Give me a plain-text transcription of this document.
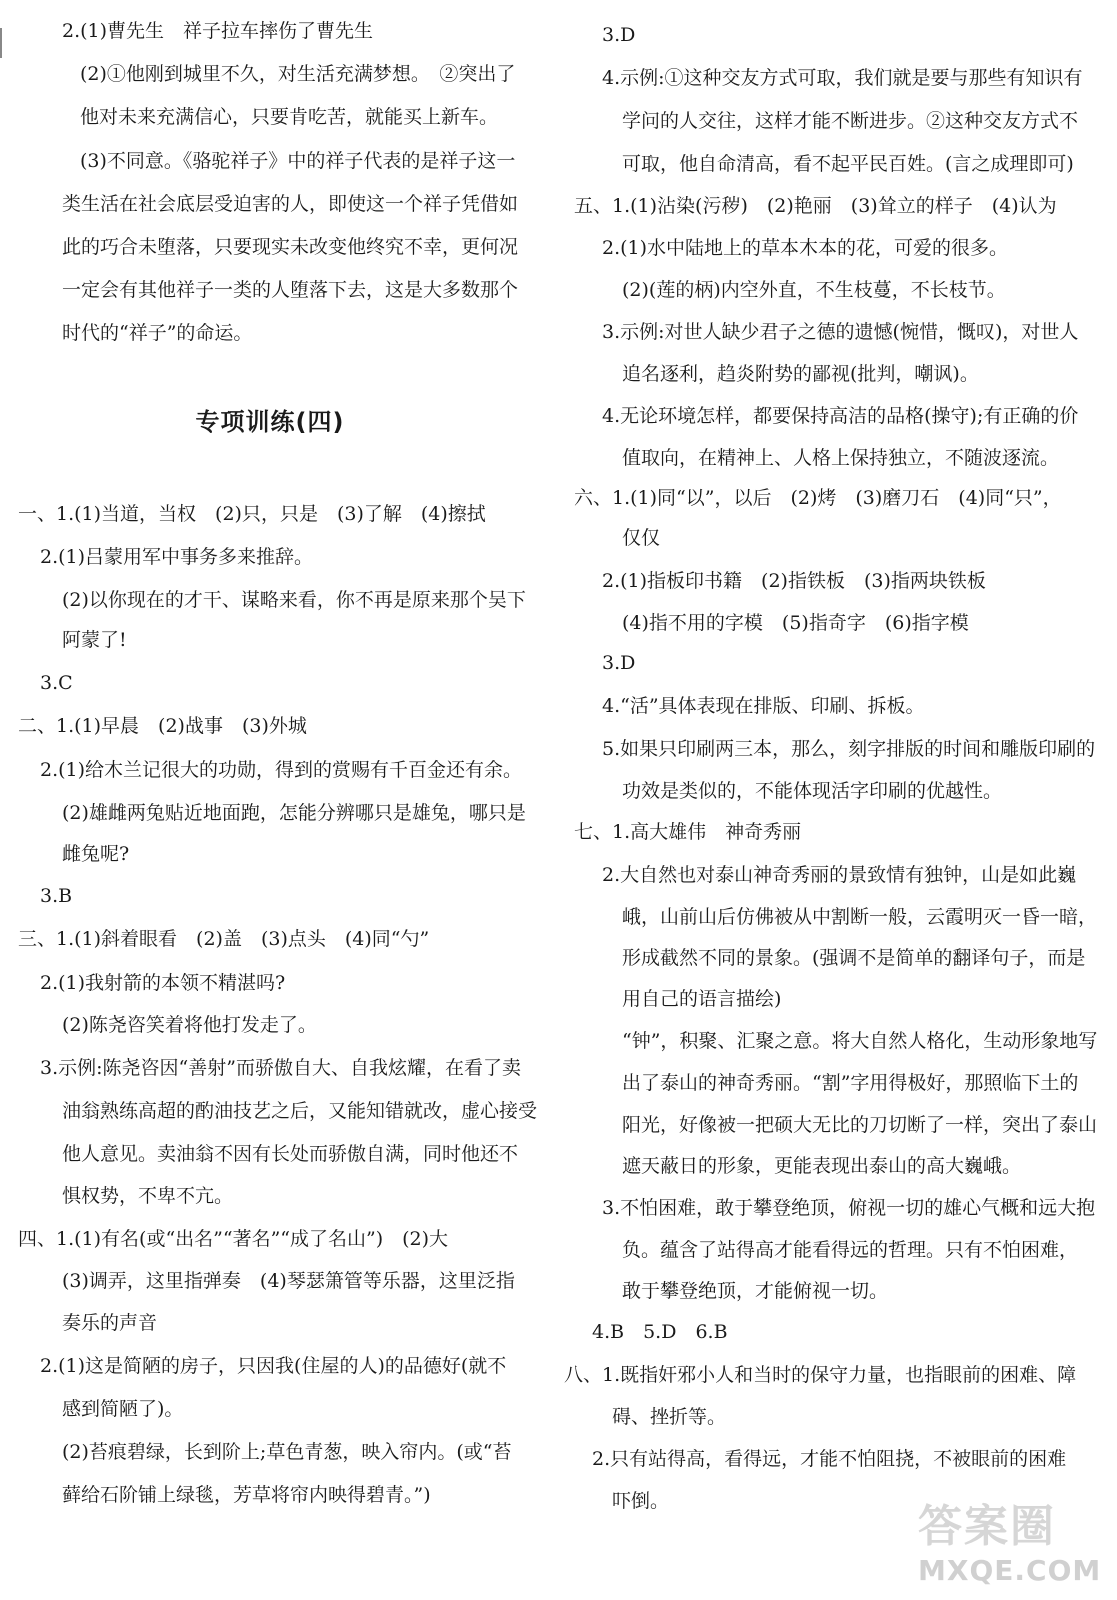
2.(1)曹先生　祥子拉车摔伤了曹先生
(2)①他刚到城里不久，对生活充满梦想。　②突出了
他对未来充满信心，只要肯吃苦，就能买上新车。
(3)不同意。《骆驼祥子》中的祥子代表的是祥子这一
类生活在社会底层受迫害的人，即使这一个祥子凭借如
此的巧合未堕落，只要现实未改变他终究不幸，更何况
一定会有其他祥子一类的人堕落下去，这是大多数那个
时代的“祥子”的命运。
专项训练(四)
一、1.(1)当道，当权　(2)只，只是　(3)了解　(4)擦拭
2.(1)吕蒙用军中事务多来推辞。
(2)以你现在的才干、谋略来看，你不再是原来那个吴下
阿蒙了!
3.C
二、1.(1)早晨　(2)战事　(3)外城
2.(1)给木兰记很大的功勋，得到的赏赐有千百金还有余。
(2)雄雌两兔贴近地面跑，怎能分辨哪只是雄兔，哪只是
雌兔呢?
3.B
三、1.(1)斜着眼看　(2)盖　(3)点头　(4)同“勺”
2.(1)我射箭的本领不精湛吗?
(2)陈尧咨笑着将他打发走了。
3.示例:陈尧咨因“善射”而骄傲自大、自我炫耀，在看了卖
油翁熟练高超的酌油技艺之后，又能知错就改，虚心接受
他人意见。卖油翁不因有长处而骄傲自满，同时他还不
惧权势，不卑不亢。
四、1.(1)有名(或“出名”“著名”“成了名山”)　(2)大
(3)调弄，这里指弹奏　(4)琴瑟箫管等乐器，这里泛指
奏乐的声音
2.(1)这是简陋的房子，只因我(住屋的人)的品德好(就不
感到简陋了)。
(2)苔痕碧绿，长到阶上;草色青葱，映入帘内。(或“苔
藓给石阶铺上绿毯，芳草将帘内映得碧青。”)
3.D
4.示例:①这种交友方式可取，我们就是要与那些有知识有
学问的人交往，这样才能不断进步。②这种交友方式不
可取，他自命清高，看不起平民百姓。(言之成理即可)
五、1.(1)沾染(污秽)　(2)艳丽　(3)耸立的样子　(4)认为
2.(1)水中陆地上的草本木本的花，可爱的很多。
(2)(莲的柄)内空外直，不生枝蔓，不长枝节。
3.示例:对世人缺少君子之德的遗憾(惋惜，慨叹)，对世人
追名逐利，趋炎附势的鄙视(批判，嘲讽)。
4.无论环境怎样，都要保持高洁的品格(操守);有正确的价
值取向，在精神上、人格上保持独立，不随波逐流。
六、1.(1)同“以”，以后　(2)烤　(3)磨刀石　(4)同“只”，
仅仅
2.(1)指板印书籍　(2)指铁板　(3)指两块铁板
(4)指不用的字模　(5)指奇字　(6)指字模
3.D
4.“活”具体表现在排版、印刷、拆板。
5.如果只印刷两三本，那么，刻字排版的时间和雕版印刷的
功效是类似的，不能体现活字印刷的优越性。
七、1.高大雄伟　神奇秀丽
2.大自然也对泰山神奇秀丽的景致情有独钟，山是如此巍
峨，山前山后仿佛被从中割断一般，云霞明灭一昏一暗，
形成截然不同的景象。(强调不是简单的翻译句子，而是
用自己的语言描绘)
“钟”，积聚、汇聚之意。将大自然人格化，生动形象地写
出了泰山的神奇秀丽。“割”字用得极好，那照临下土的
阳光，好像被一把硕大无比的刀切断了一样，突出了泰山
遮天蔽日的形象，更能表现出泰山的高大巍峨。
3.不怕困难，敢于攀登绝顶，俯视一切的雄心气概和远大抱
负。蕴含了站得高才能看得远的哲理。只有不怕困难，
敢于攀登绝顶，才能俯视一切。
4.B　5.D　6.B
八、1.既指奸邪小人和当时的保守力量，也指眼前的困难、障
碍、挫折等。
2.只有站得高，看得远，才能不怕阻挠，不被眼前的困难
吓倒。	答案圈
MXQE.COM
